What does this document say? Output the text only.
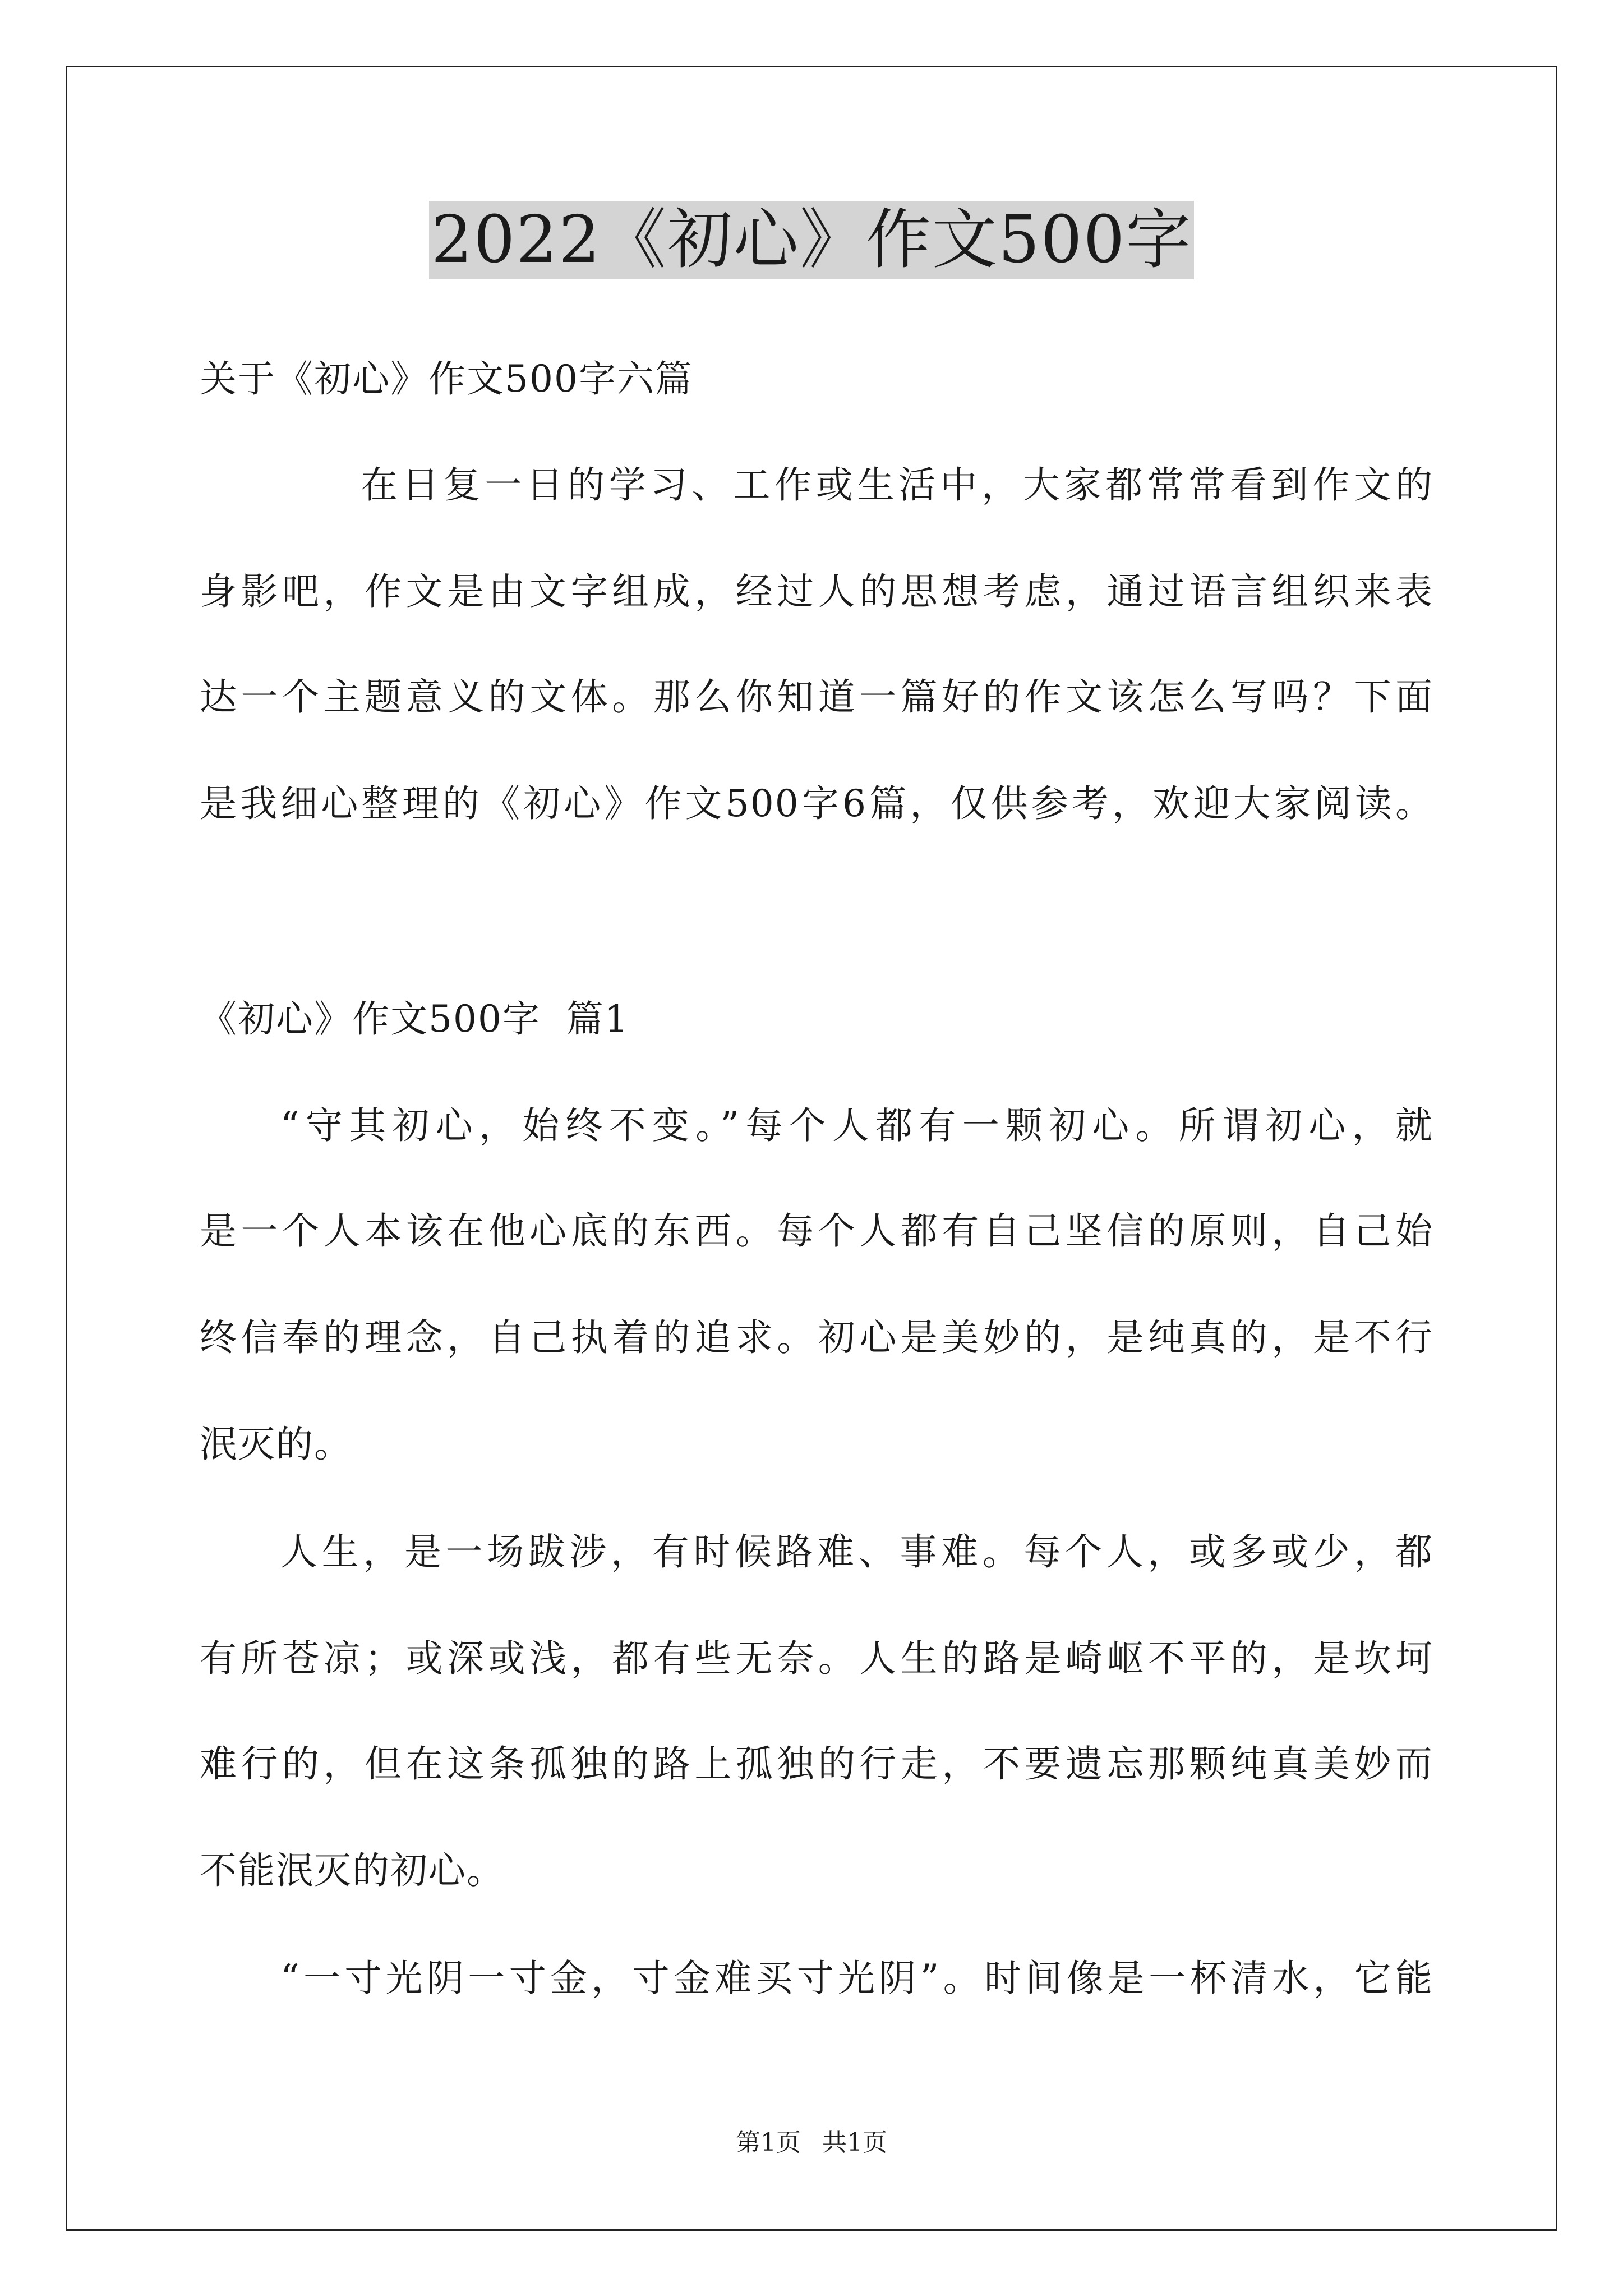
2022《初心》作文500字
关于《初心》作文500字六篇
在日复一日的学习、工作或生活中，大家都常常看到作文的
身影吧，作文是由文字组成，经过人的思想考虑，通过语言组织来表
达一个主题意义的文体。那么你知道一篇好的作文该怎么写吗？下面
是我细心整理的《初心》作文500字6篇，仅供参考，欢迎大家阅读。
《初心》作文500字  篇1
“守其初心，始终不变。”每个人都有一颗初心。所谓初心，就
是一个人本该在他心底的东西。每个人都有自己坚信的原则，自己始
终信奉的理念，自己执着的追求。初心是美妙的，是纯真的，是不行
泯灭的。
人生，是一场跋涉，有时候路难、事难。每个人，或多或少，都
有所苍凉；或深或浅，都有些无奈。人生的路是崎岖不平的，是坎坷
难行的，但在这条孤独的路上孤独的行走，不要遗忘那颗纯真美妙而
不能泯灭的初心。
“一寸光阴一寸金，寸金难买寸光阴”。时间像是一杯清水，它能
第1页 共1页
